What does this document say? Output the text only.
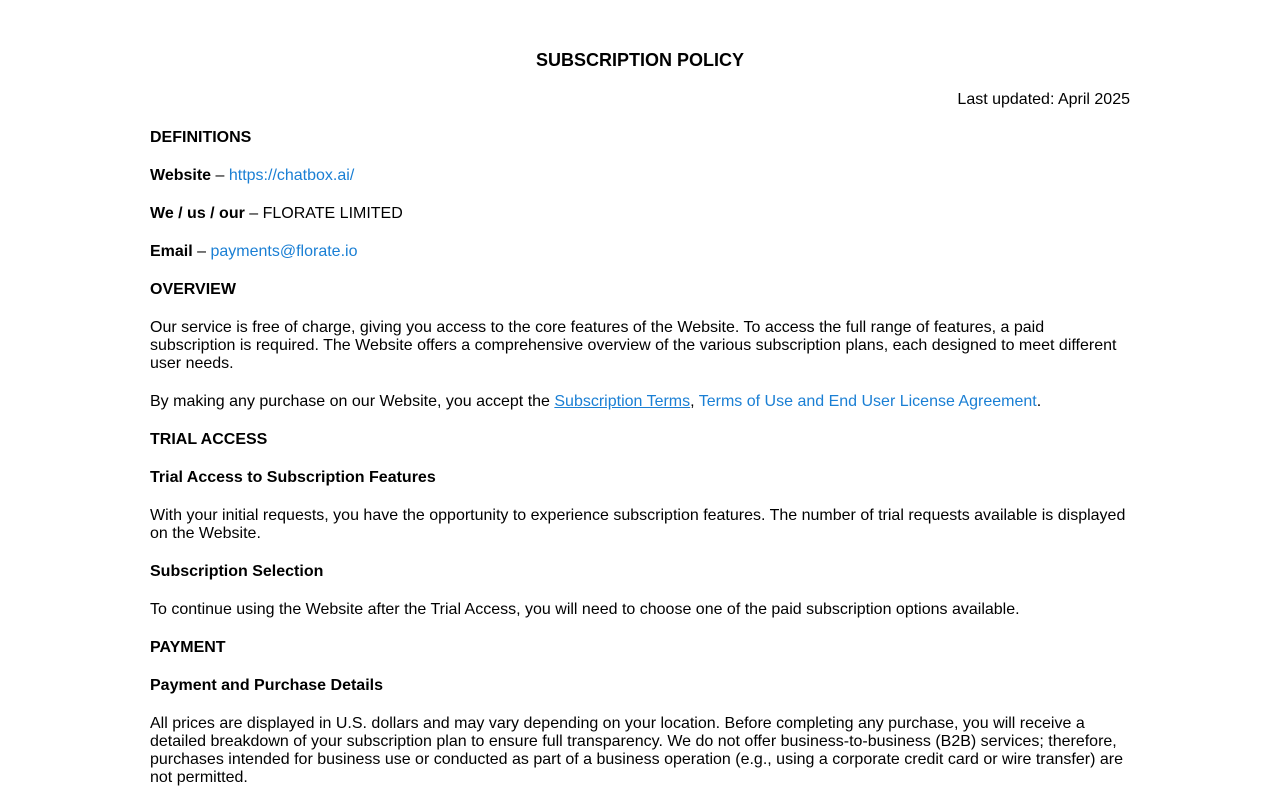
SUBSCRIPTION POLICY

Last updated: April 2025

DEFINITIONS

Website – https://chatbox.ai/

We / us / our – FLORATE LIMITED

Email – payments@florate.io

OVERVIEW

Our service is free of charge, giving you access to the core features of the Website. To access the full range of features, a paid subscription is required. The Website offers a comprehensive overview of the various subscription plans, each designed to meet different user needs.

By making any purchase on our Website, you accept the Subscription Terms, Terms of Use and End User License Agreement.

TRIAL ACCESS

Trial Access to Subscription Features

With your initial requests, you have the opportunity to experience subscription features. The number of trial requests available is displayed on the Website.

Subscription Selection

To continue using the Website after the Trial Access, you will need to choose one of the paid subscription options available.

PAYMENT

Payment and Purchase Details

All prices are displayed in U.S. dollars and may vary depending on your location. Before completing any purchase, you will receive a detailed breakdown of your subscription plan to ensure full transparency. We do not offer business-to-business (B2B) services; therefore, purchases intended for business use or conducted as part of a business operation (e.g., using a corporate credit card or wire transfer) are not permitted.
